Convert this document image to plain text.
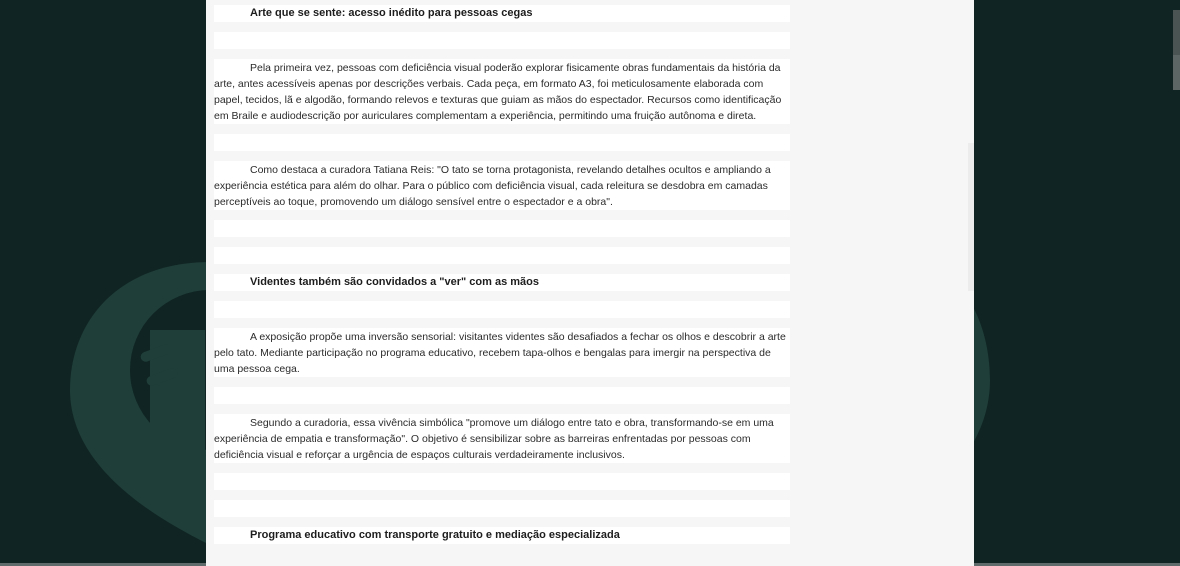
Arte que se sente: acesso inédito para pessoas cegas
Pela primeira vez, pessoas com deficiência visual poderão explorar fisicamente obras fundamentais da história da arte, antes acessíveis apenas por descrições verbais. Cada peça, em formato A3, foi meticulosamente elaborada com papel, tecidos, lã e algodão, formando relevos e texturas que guiam as mãos do espectador. Recursos como identificação em Braile e audiodescrição por auriculares complementam a experiência, permitindo uma fruição autônoma e direta.
Como destaca a curadora Tatiana Reis: "O tato se torna protagonista, revelando detalhes ocultos e ampliando a experiência estética para além do olhar. Para o público com deficiência visual, cada releitura se desdobra em camadas perceptíveis ao toque, promovendo um diálogo sensível entre o espectador e a obra".
Videntes também são convidados a "ver" com as mãos
A exposição propõe uma inversão sensorial: visitantes videntes são desafiados a fechar os olhos e descobrir a arte pelo tato. Mediante participação no programa educativo, recebem tapa-olhos e bengalas para imergir na perspectiva de uma pessoa cega.
Segundo a curadoria, essa vivência simbólica "promove um diálogo entre tato e obra, transformando-se em uma experiência de empatia e transformação". O objetivo é sensibilizar sobre as barreiras enfrentadas por pessoas com deficiência visual e reforçar a urgência de espaços culturais verdadeiramente inclusivos.
Programa educativo com transporte gratuito e mediação especializada
